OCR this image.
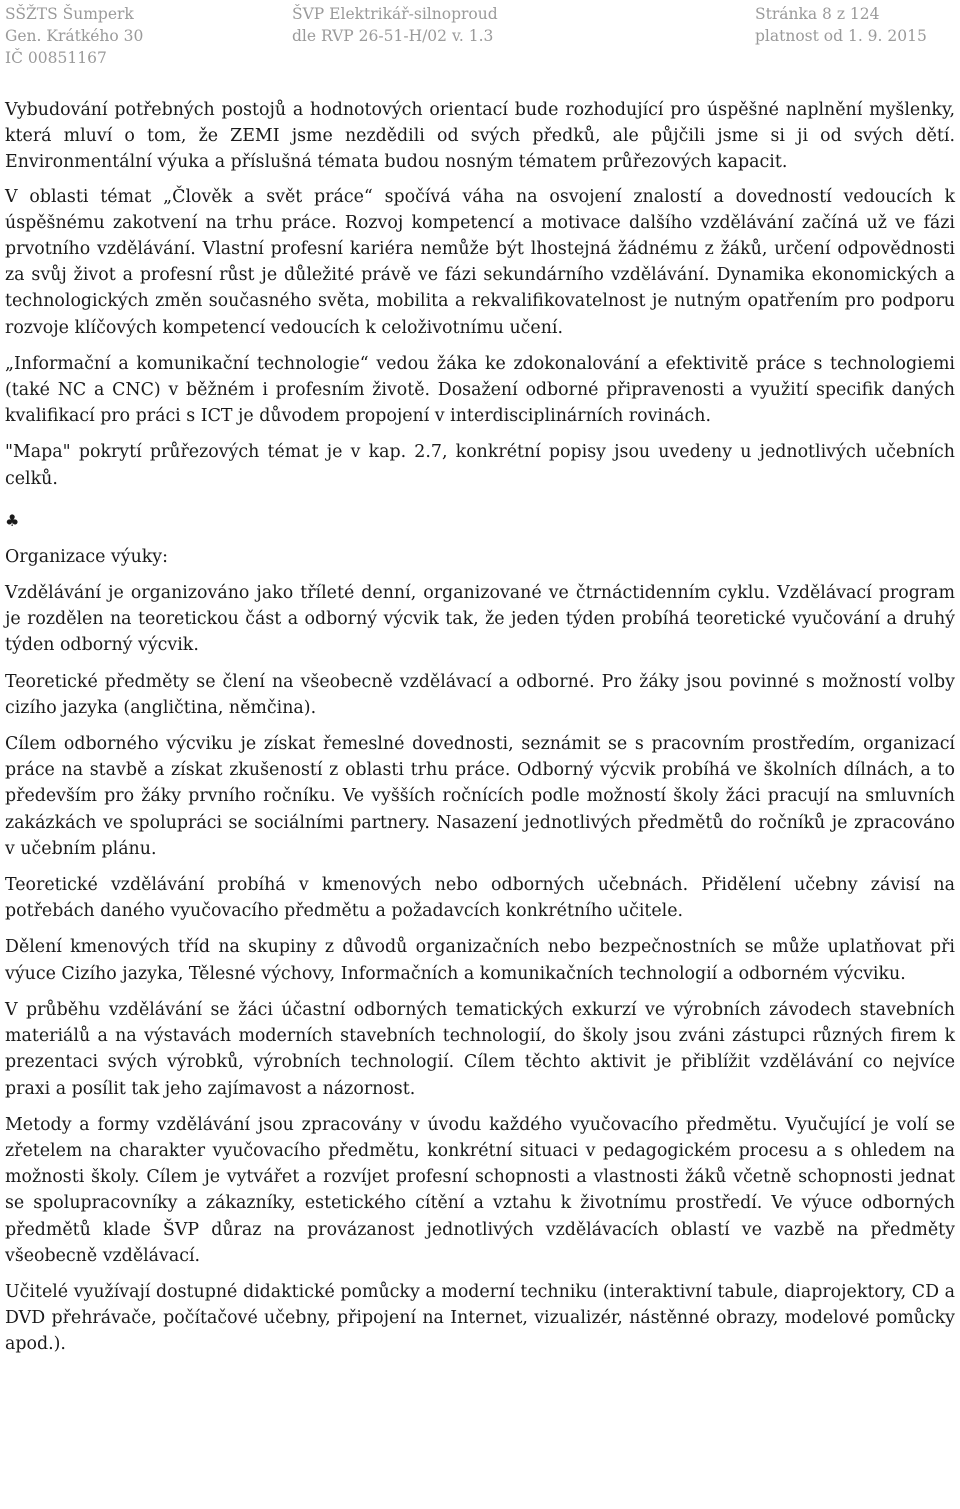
SŠŽTS Šumperk
Gen. Krátkého 30
IČ 00851167
ŠVP Elektrikář-silnoproud
dle RVP 26-51-H/02 v. 1.3
Stránka 8 z 124
platnost od 1. 9. 2015

Vybudování potřebných postojů a hodnotových orientací bude rozhodující pro úspěšné naplnění myšlenky, která mluví o tom, že ZEMI jsme nezdědili od svých předků, ale půjčili jsme si ji od svých dětí. Environmentální výuka a příslušná témata budou nosným tématem průřezových kapacit.

V oblasti témat „Člověk a svět práce“ spočívá váha na osvojení znalostí a dovedností vedoucích k úspěšnému zakotvení na trhu práce. Rozvoj kompetencí a motivace dalšího vzdělávání začíná už ve fázi prvotního vzdělávání. Vlastní profesní kariéra nemůže být lhostejná žádnému z žáků, určení odpovědnosti za svůj život a profesní růst je důležité právě ve fázi sekundárního vzdělávání. Dynamika ekonomických a technologických změn současného světa, mobilita a rekvalifikovatelnost je nutným opatřením pro podporu rozvoje klíčových kompetencí vedoucích k celoživotnímu učení.

„Informační a komunikační technologie“ vedou žáka ke zdokonalování a efektivitě práce s technologiemi (také NC a CNC) v běžném i profesním životě. Dosažení odborné připravenosti a využití specifik daných kvalifikací pro práci s ICT je důvodem propojení v interdisciplinárních rovinách.

"Mapa" pokrytí průřezových témat je v kap. 2.7, konkrétní popisy jsou uvedeny u jednotlivých učebních celků.

♣

Organizace výuky:

Vzdělávání je organizováno jako tříleté denní, organizované ve čtrnáctidenním cyklu. Vzdělávací program je rozdělen na teoretickou část a odborný výcvik tak, že jeden týden probíhá teoretické vyučování a druhý týden odborný výcvik.

Teoretické předměty se člení na všeobecně vzdělávací a odborné. Pro žáky jsou povinné s možností volby cizího jazyka (angličtina, němčina).

Cílem odborného výcviku je získat řemeslné dovednosti, seznámit se s pracovním prostředím, organizací práce na stavbě a získat zkušeností z oblasti trhu práce. Odborný výcvik probíhá ve školních dílnách, a to především pro žáky prvního ročníku. Ve vyšších ročnících podle možností školy žáci pracují na smluvních zakázkách ve spolupráci se sociálními partnery. Nasazení jednotlivých předmětů do ročníků je zpracováno v učebním plánu.

Teoretické vzdělávání probíhá v kmenových nebo odborných učebnách. Přidělení učebny závisí na potřebách daného vyučovacího předmětu a požadavcích konkrétního učitele.

Dělení kmenových tříd na skupiny z důvodů organizačních nebo bezpečnostních se může uplatňovat při výuce Cizího jazyka, Tělesné výchovy, Informačních a komunikačních technologií a odborném výcviku.

V průběhu vzdělávání se žáci účastní odborných tematických exkurzí ve výrobních závodech stavebních materiálů a na výstavách moderních stavebních technologií, do školy jsou zváni zástupci různých firem k prezentaci svých výrobků, výrobních technologií. Cílem těchto aktivit je přiblížit vzdělávání co nejvíce praxi a posílit tak jeho zajímavost a názornost.

Metody a formy vzdělávání jsou zpracovány v úvodu každého vyučovacího předmětu. Vyučující je volí se zřetelem na charakter vyučovacího předmětu, konkrétní situaci v pedagogickém procesu a s ohledem na možnosti školy. Cílem je vytvářet a rozvíjet profesní schopnosti a vlastnosti žáků včetně schopnosti jednat se spolupracovníky a zákazníky, estetického cítění a vztahu k životnímu prostředí. Ve výuce odborných předmětů klade ŠVP důraz na provázanost jednotlivých vzdělávacích oblastí ve vazbě na předměty všeobecně vzdělávací.

Učitelé využívají dostupné didaktické pomůcky a moderní techniku (interaktivní tabule, diaprojektory, CD a DVD přehrávače, počítačové učebny, připojení na Internet, vizualizér, nástěnné obrazy, modelové pomůcky apod.).
